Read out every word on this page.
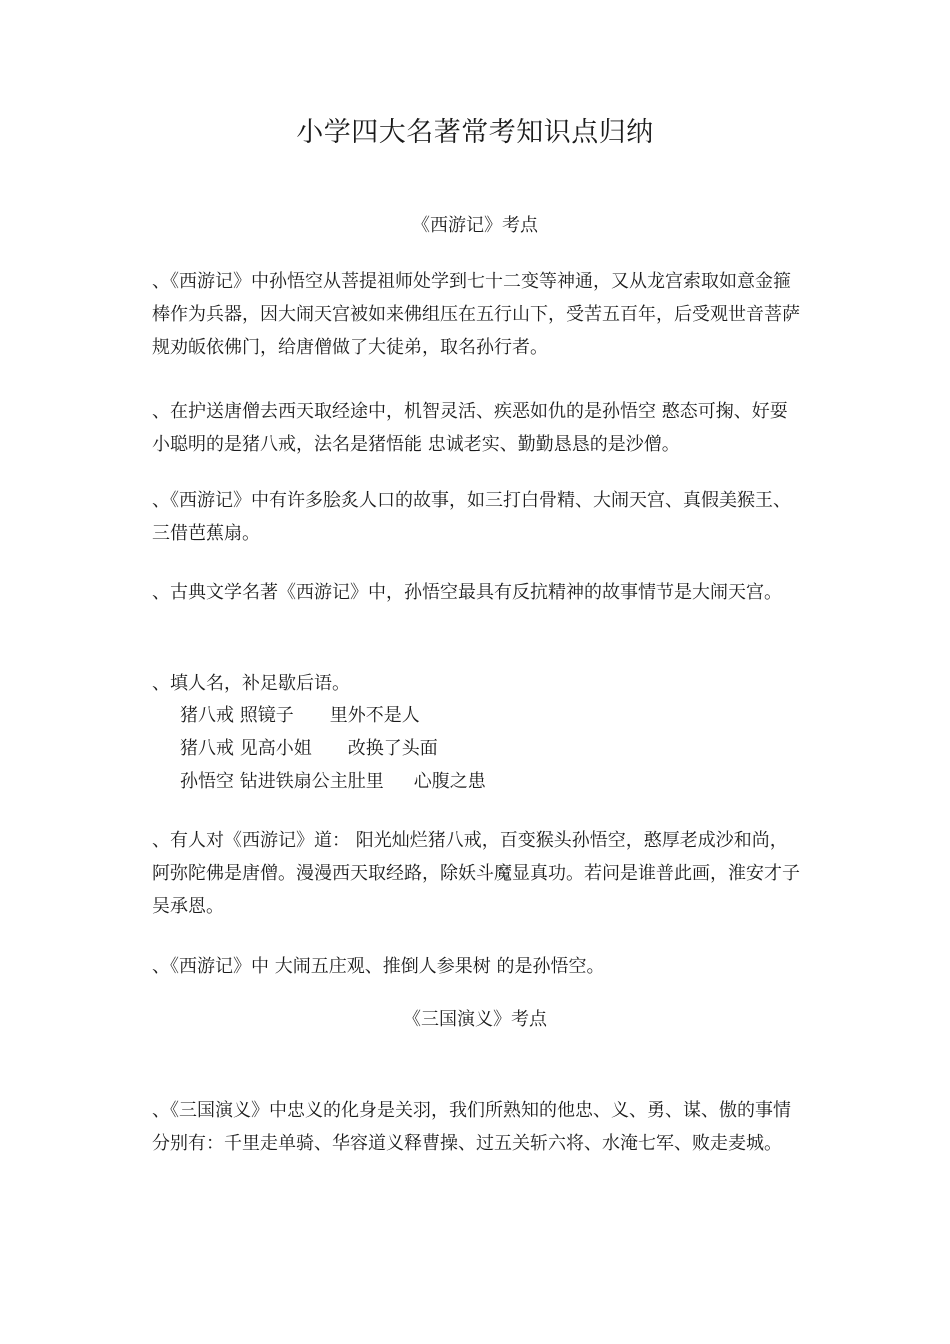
小学四大名著常考知识点归纳
《西游记》考点
、《西游记》中孙悟空从菩提祖师处学到七十二变等神通，又从龙宫索取如意金箍棒作为兵器，因大闹天宫被如来佛组压在五行山下，受苦五百年，后受观世音菩萨规劝皈依佛门，给唐僧做了大徒弟，取名孙行者。
、在护送唐僧去西天取经途中，机智灵活、疾恶如仇的是孙悟空 憨态可掬、好耍小聪明的是猪八戒，法名是猪悟能 忠诚老实、勤勤恳恳的是沙僧。
、《西游记》中有许多脍炙人口的故事，如三打白骨精、大闹天宫、真假美猴王、三借芭蕉扇。
、古典文学名著《西游记》中，孙悟空最具有反抗精神的故事情节是大闹天宫。
、填人名，补足歇后语。
猪八戒 照镜子 里外不是人
猪八戒 见高小姐 改换了头面
孙悟空 钻进铁扇公主肚里 心腹之患
、有人对《西游记》道： 阳光灿烂猪八戒，百变猴头孙悟空，憨厚老成沙和尚，阿弥陀佛是唐僧。漫漫西天取经路，除妖斗魔显真功。若问是谁普此画，淮安才子吴承恩。
、《西游记》中 大闹五庄观、推倒人参果树 的是孙悟空。
《三国演义》考点
、《三国演义》中忠义的化身是关羽，我们所熟知的他忠、义、勇、谋、傲的事情分别有：千里走单骑、华容道义释曹操、过五关斩六将、水淹七军、败走麦城。
